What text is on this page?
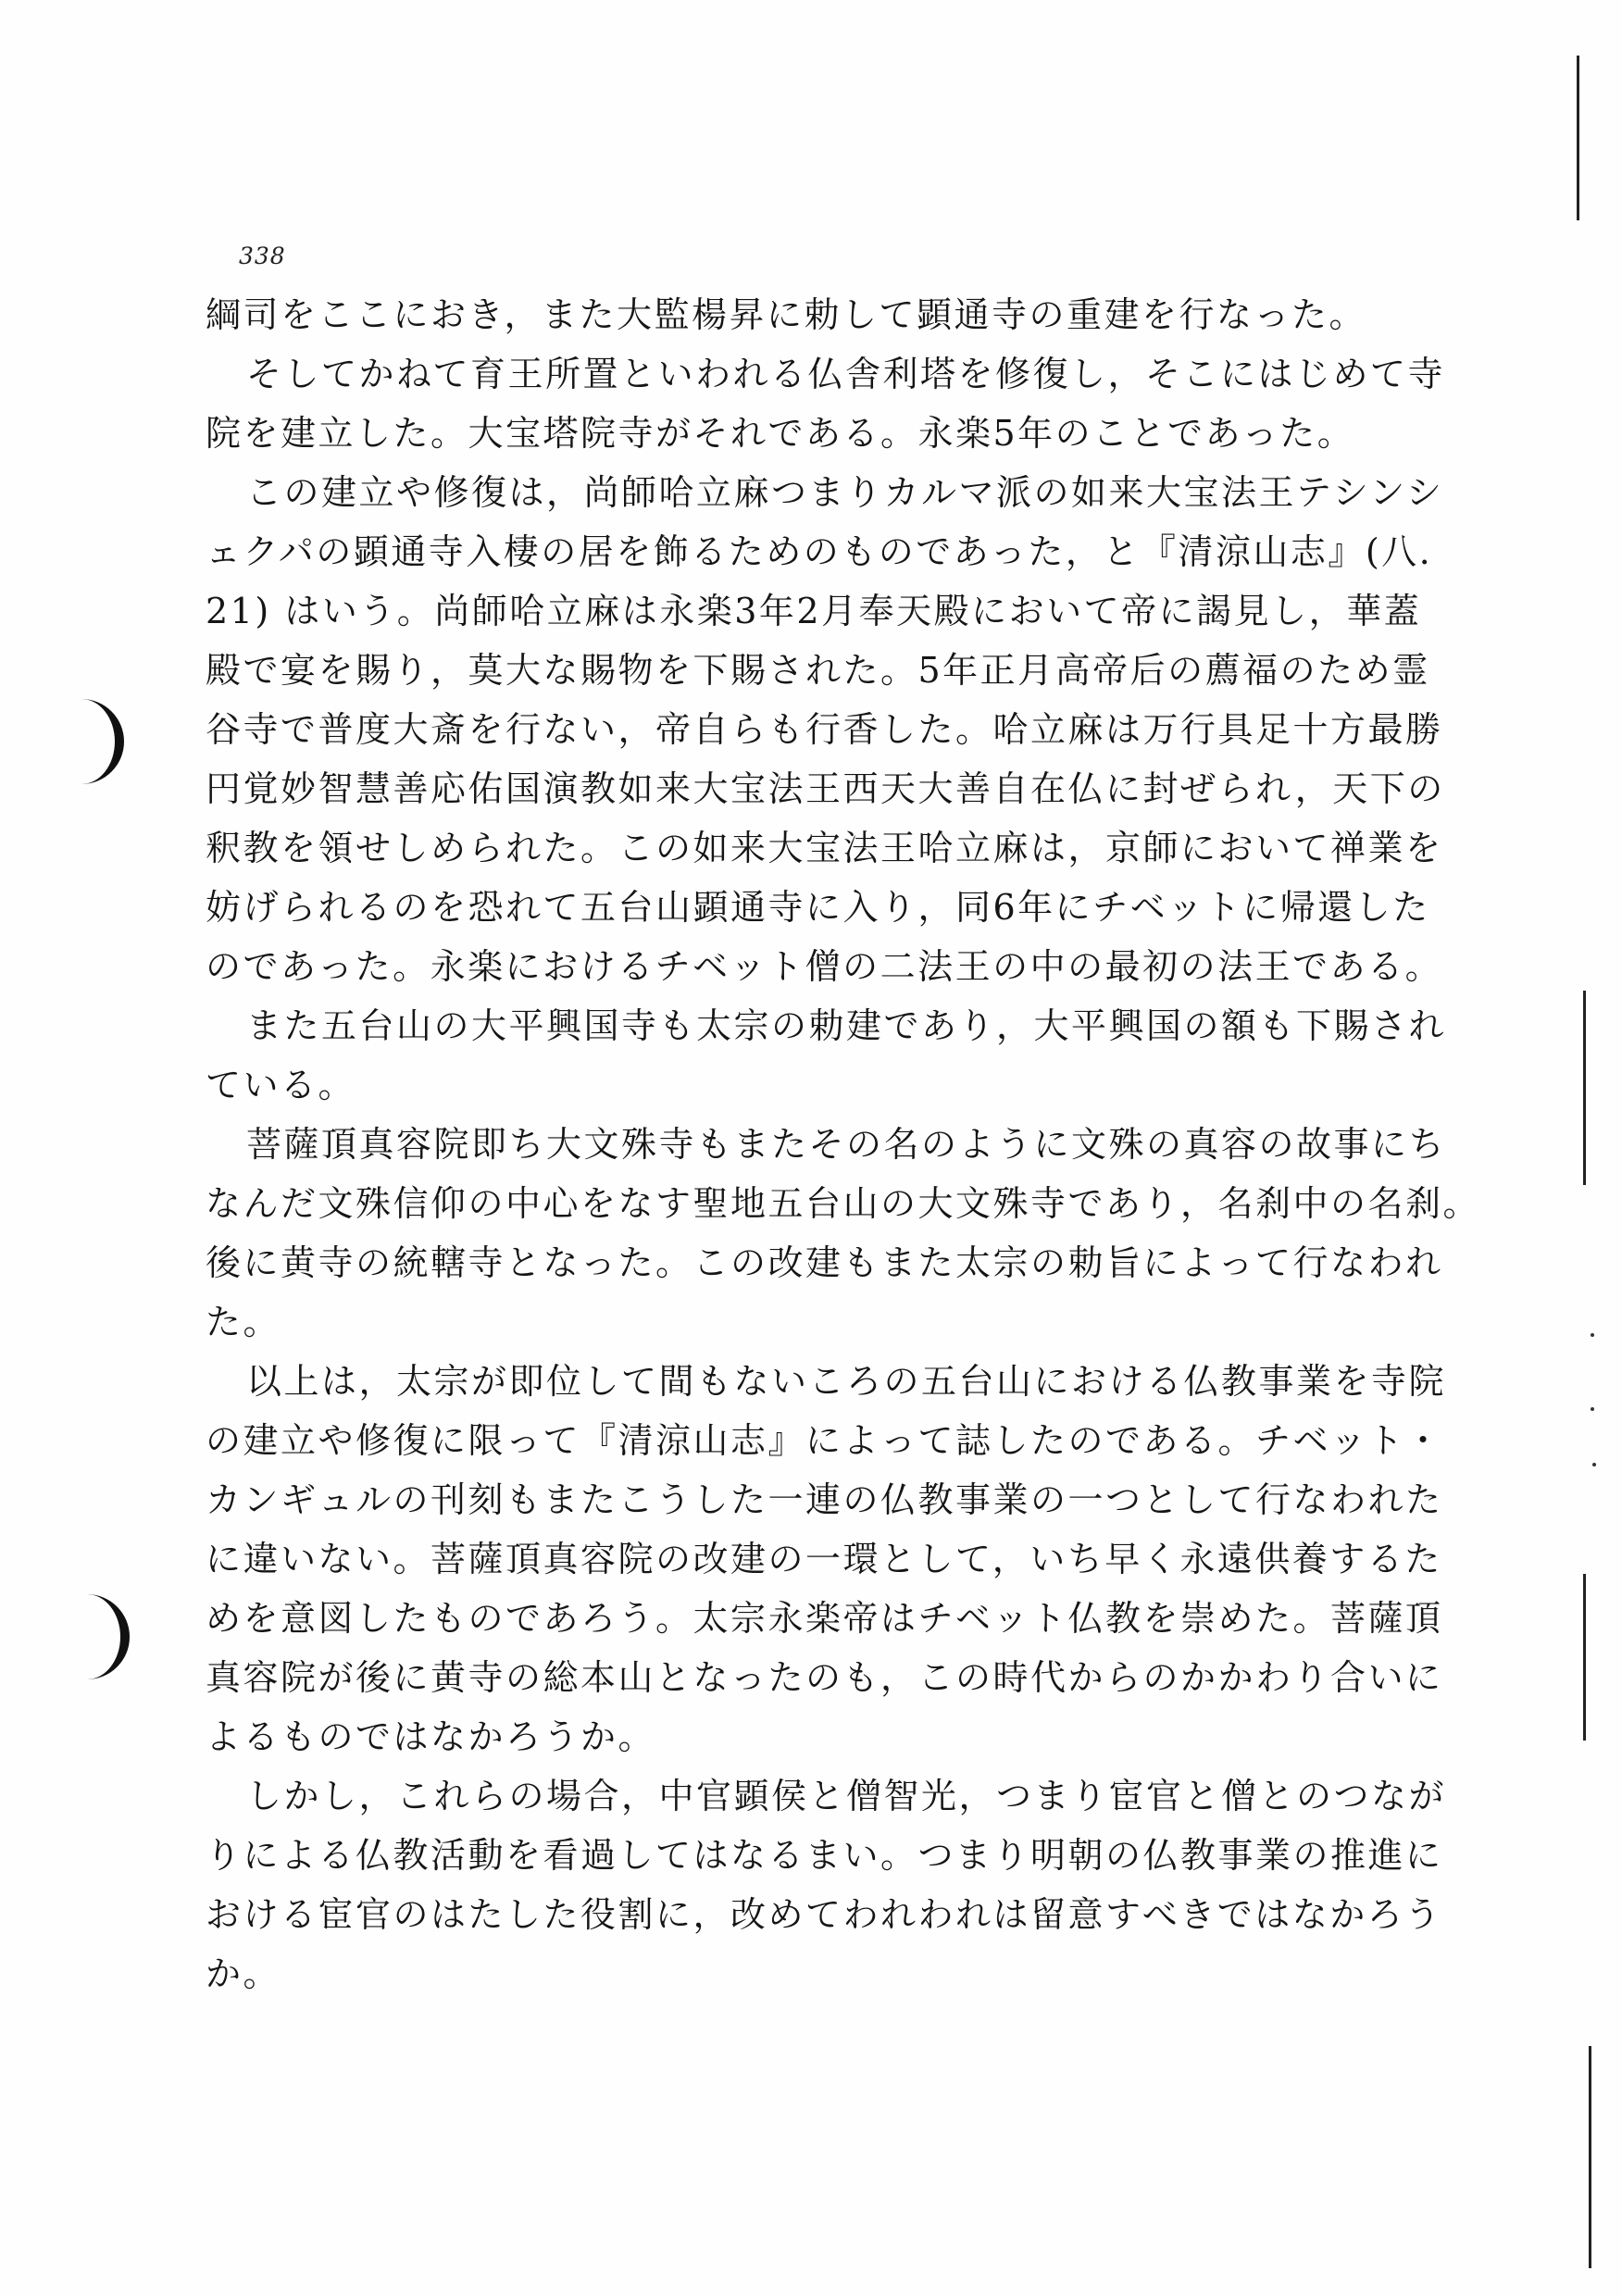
338
綱司をここにおき，また大監楊昇に勅して顕通寺の重建を行なった。
そしてかねて育王所置といわれる仏舎利塔を修復し，そこにはじめて寺
院を建立した。大宝塔院寺がそれである。永楽5年のことであった。
この建立や修復は，尚師哈立麻つまりカルマ派の如来大宝法王テシンシ
ェクパの顕通寺入棲の居を飾るためのものであった，と『清涼山志』(八.
21) はいう。尚師哈立麻は永楽3年2月奉天殿において帝に謁見し，華蓋
殿で宴を賜り，莫大な賜物を下賜された。5年正月高帝后の薦福のため霊
谷寺で普度大斎を行ない，帝自らも行香した。哈立麻は万行具足十方最勝
円覚妙智慧善応佑国演教如来大宝法王西天大善自在仏に封ぜられ，天下の
釈教を領せしめられた。この如来大宝法王哈立麻は，京師において禅業を
妨げられるのを恐れて五台山顕通寺に入り，同6年にチベットに帰還した
のであった。永楽におけるチベット僧の二法王の中の最初の法王である。
また五台山の大平興国寺も太宗の勅建であり，大平興国の額も下賜され
ている。
菩薩頂真容院即ち大文殊寺もまたその名のように文殊の真容の故事にち
なんだ文殊信仰の中心をなす聖地五台山の大文殊寺であり，名刹中の名刹。
後に黄寺の統轄寺となった。この改建もまた太宗の勅旨によって行なわれ
た。
以上は，太宗が即位して間もないころの五台山における仏教事業を寺院
の建立や修復に限って『清涼山志』によって誌したのである。チベット・
カンギュルの刊刻もまたこうした一連の仏教事業の一つとして行なわれた
に違いない。菩薩頂真容院の改建の一環として，いち早く永遠供養するた
めを意図したものであろう。太宗永楽帝はチベット仏教を崇めた。菩薩頂
真容院が後に黄寺の総本山となったのも，この時代からのかかわり合いに
よるものではなかろうか。
しかし，これらの場合，中官顕侯と僧智光，つまり宦官と僧とのつなが
りによる仏教活動を看過してはなるまい。つまり明朝の仏教事業の推進に
おける宦官のはたした役割に，改めてわれわれは留意すべきではなかろう
か。
